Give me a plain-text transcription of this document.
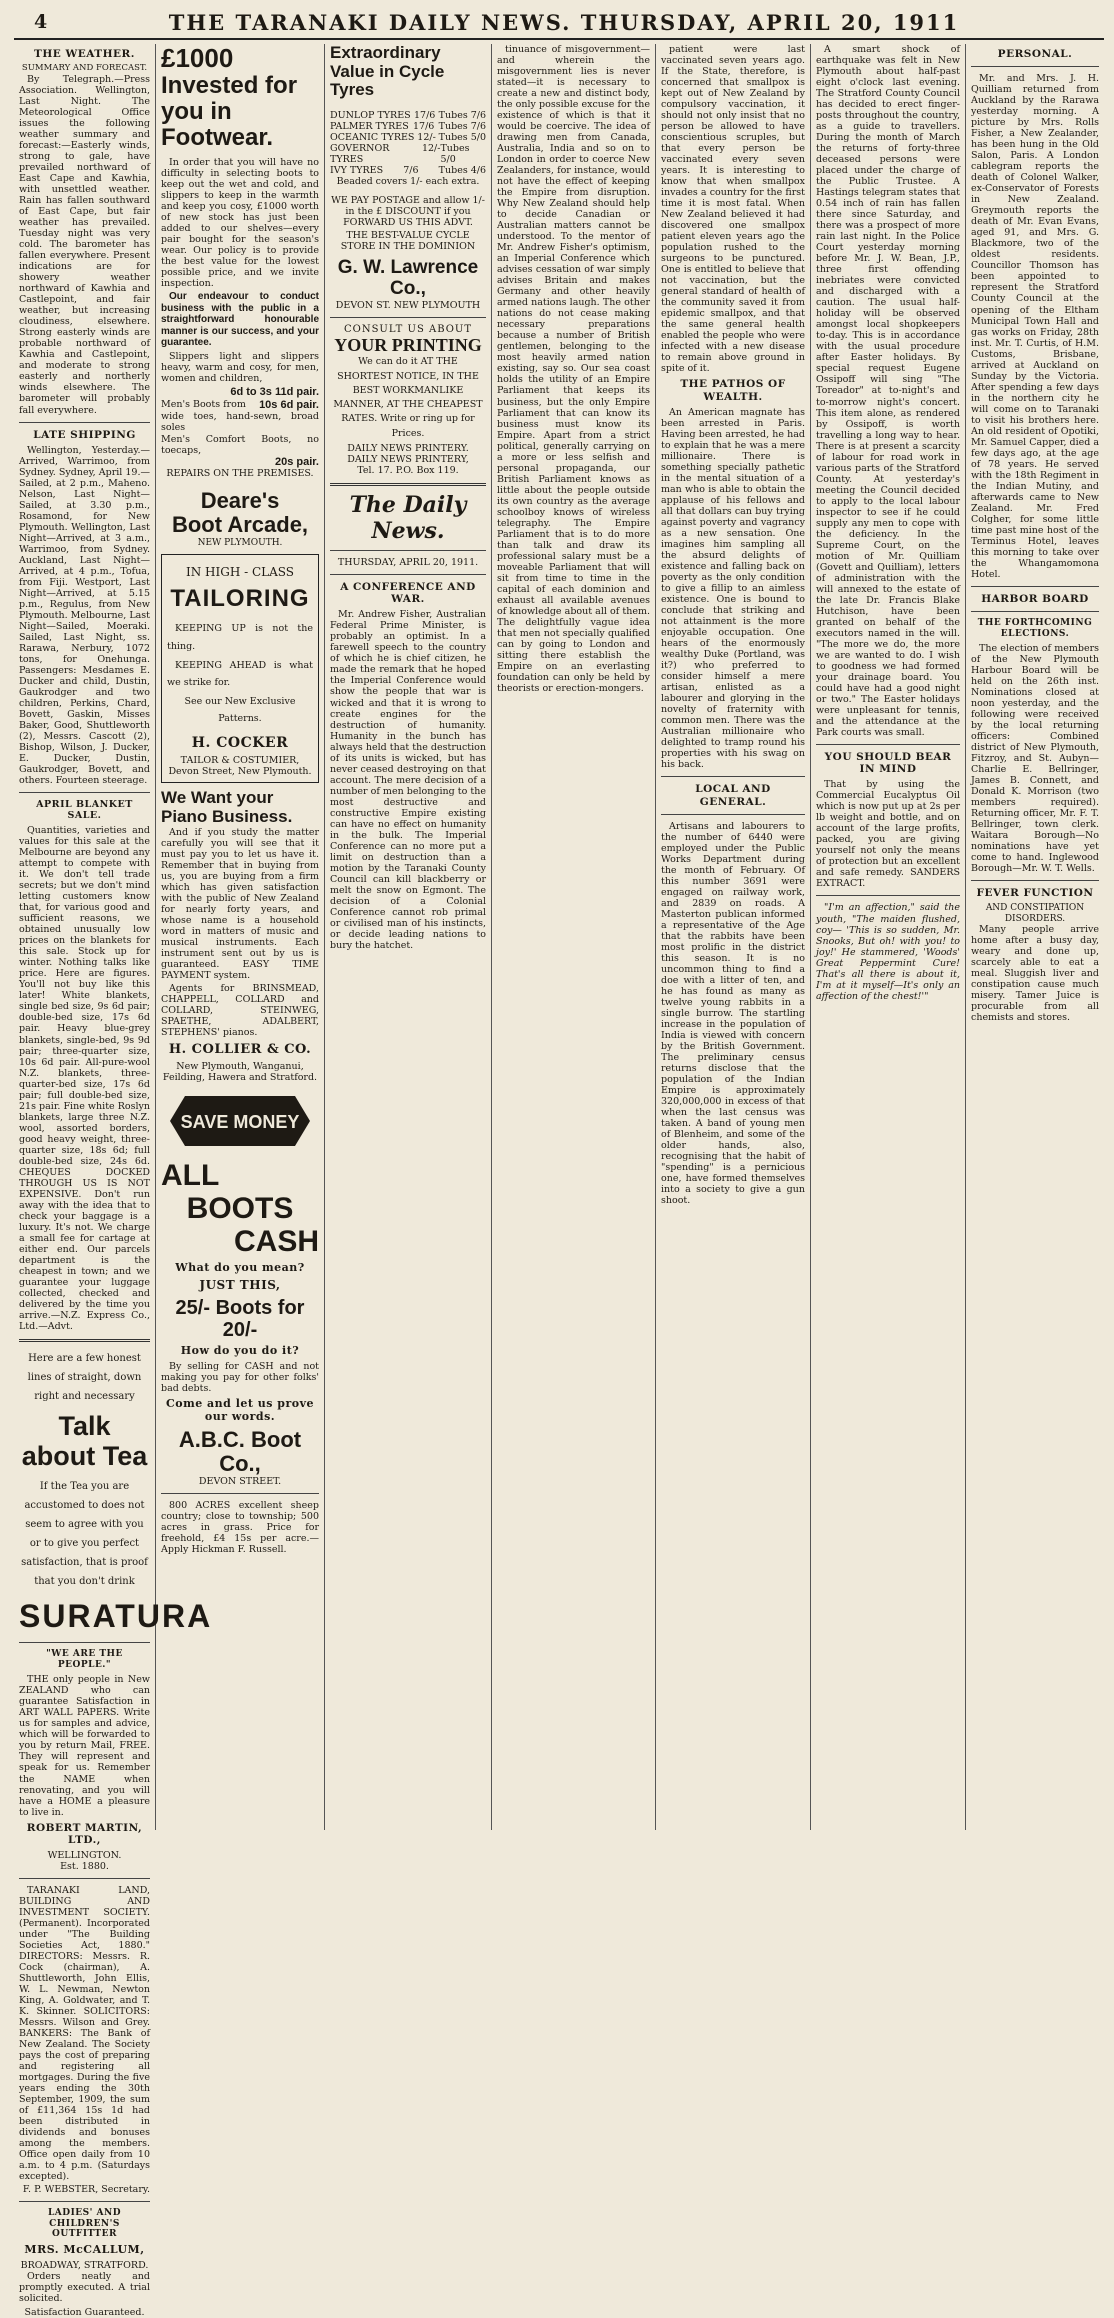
4	THE TARANAKI DAILY NEWS. THURSDAY, APRIL 20, 1911
THE WEATHER.
SUMMARY AND FORECAST.

By Telegraph.—Press Association. Wellington, Last Night. The Meteorological Office issues the following weather summary and forecast:—Easterly winds, strong to gale, have prevailed northward of East Cape and Kawhia, with unsettled weather. Rain has fallen southward of East Cape, but fair weather has prevailed. Tuesday night was very cold. The barometer has fallen everywhere. Present indications are for showery weather northward of Kawhia and Castlepoint, and fair weather, but increasing cloudiness, elsewhere. Strong easterly winds are probable northward of Kawhia and Castlepoint, and moderate to strong easterly and northerly winds elsewhere. The barometer will probably fall everywhere.

LATE SHIPPING

Wellington, Yesterday.—Arrived, Warrimoo, from Sydney. Sydney, April 19.—Sailed, at 2 p.m., Maheno. Nelson, Last Night—Sailed, at 3.30 p.m., Rosamond, for New Plymouth. Wellington, Last Night—Arrived, at 3 a.m., Warrimoo, from Sydney. Auckland, Last Night—Arrived, at 4 p.m., Tofua, from Fiji. Westport, Last Night—Arrived, at 5.15 p.m., Regulus, from New Plymouth. Melbourne, Last Night—Sailed, Moeraki. Sailed, Last Night, ss. Rarawa, Nerbury, 1072 tons, for Onehunga. Passengers: Mesdames E. Ducker and child, Dustin, Gaukrodger and two children, Perkins, Chard, Bovett, Gaskin, Misses Baker, Good, Shuttleworth (2), Messrs. Cascott (2), Bishop, Wilson, J. Ducker, E. Ducker, Dustin, Gaukrodger, Bovett, and others. Fourteen steerage.

APRIL BLANKET SALE.

Quantities, varieties and values for this sale at the Melbourne are beyond any attempt to compete with it. We don't tell trade secrets; but we don't mind letting customers know that, for various good and sufficient reasons, we obtained unusually low prices on the blankets for this sale. Stock up for winter. Nothing talks like price. Here are figures. You'll not buy like this later! White blankets, single bed size, 9s 6d pair; double-bed size, 17s 6d pair. Heavy blue-grey blankets, single-bed, 9s 9d pair; three-quarter size, 10s 6d pair. All-pure-wool N.Z. blankets, three-quarter-bed size, 17s 6d pair; full double-bed size, 21s pair. Fine white Roslyn blankets, large three N.Z. wool, assorted borders, good heavy weight, three-quarter size, 18s 6d; full double-bed size, 24s 6d. CHEQUES DOCKED THROUGH US IS NOT EXPENSIVE. Don't run away with the idea that to check your baggage is a luxury. It's not. We charge a small fee for cartage at either end. Our parcels department is the cheapest in town; and we guarantee your luggage collected, checked and delivered by the time you arrive.—N.Z. Express Co., Ltd.—Advt.

Here are a few honest lines of straight, down right and necessary

Talk about Tea

If the Tea you are accustomed to does not seem to agree with you or to give you perfect satisfaction, that is proof that you don't drink

SURATURA
"WE ARE THE PEOPLE."

THE only people in New ZEALAND who can guarantee Satisfaction in ART WALL PAPERS. Write us for samples and advice, which will be forwarded to you by return Mail, FREE. They will represent and speak for us. Remember the NAME when renovating, and you will have a HOME a pleasure to live in.

ROBERT MARTIN, LTD.,
WELLINGTON.
Est. 1880.

TARANAKI LAND, BUILDING AND INVESTMENT SOCIETY. (Permanent). Incorporated under "The Building Societies Act, 1880." DIRECTORS: Messrs. R. Cock (chairman), A. Shuttleworth, John Ellis, W. L. Newman, Newton King, A. Goldwater, and T. K. Skinner. SOLICITORS: Messrs. Wilson and Grey. BANKERS: The Bank of New Zealand. The Society pays the cost of preparing and registering all mortgages. During the five years ending the 30th September, 1909, the sum of £11,364 15s 1d had been distributed in dividends and bonuses among the members. Office open daily from 10 a.m. to 4 p.m. (Saturdays excepted).

F. P. WEBSTER, Secretary.
LADIES' AND CHILDREN'S OUTFITTER
MRS. McCALLUM,
BROADWAY, STRATFORD.

Orders neatly and promptly executed. A trial solicited.

Satisfaction Guaranteed.
£1000
Invested for you in Footwear.

In order that you will have no difficulty in selecting boots to keep out the wet and cold, and slippers to keep in the warmth and keep you cosy, £1000 worth of new stock has just been added to our shelves—every pair bought for the season's wear. Our policy is to provide the best value for the lowest possible price, and we invite inspection.

Our endeavour to conduct business with the public in a straightforward honourable manner is our success, and your guarantee.

Slippers light and slippers heavy, warm and cosy, for men, women and children,

6d to 3s 11d pair.
Men's Boots from 10s 6d pair.
wide toes, hand-sewn, broad soles
Men's Comfort Boots, no toecaps,
20s pair.
REPAIRS ON THE PREMISES.
Deare's
Boot Arcade,
NEW PLYMOUTH.
IN HIGH - CLASS
TAILORING

KEEPING UP is not the thing.

KEEPING AHEAD is what we strike for.

See our New Exclusive Patterns.

H. COCKER
TAILOR & COSTUMIER,
Devon Street, New Plymouth.
We Want your Piano Business.

And if you study the matter carefully you will see that it must pay you to let us have it. Remember that in buying from us, you are buying from a firm which has given satisfaction with the public of New Zealand for nearly forty years, and whose name is a household word in matters of music and musical instruments. Each instrument sent out by us is guaranteed. EASY TIME PAYMENT system.

Agents for BRINSMEAD, CHAPPELL, COLLARD and COLLARD, STEINWEG, SPAETHE, ADALBERT, STEPHENS' pianos.

H. COLLIER & CO.
New Plymouth, Wanganui, Feilding, Hawera and Stratford.
SAVE MONEY
ALL
BOOTS
CASH
What do you mean?
JUST THIS,
25/- Boots for 20/-
How do you do it?

By selling for CASH and not making you pay for other folks' bad debts.

Come and let us prove our words.
A.B.C. Boot Co.,
DEVON STREET.

800 ACRES excellent sheep country; close to township; 500 acres in grass. Price for freehold, £4 15s per acre.—Apply Hickman F. Russell.

Extraordinary Value in Cycle Tyres
DUNLOP TYRES 17/6 Tubes 7/6
PALMER TYRES 17/6 Tubes 7/6
OCEANIC TYRES 12/- Tubes 5/0
GOVERNOR TYRES
12/- Tubes 5/0
IVY TYRES 7/6 Tubes 4/6
Beaded covers 1/- each extra.

WE PAY POSTAGE and allow 1/- in the £ DISCOUNT if you FORWARD US THIS ADVT.

THE BEST-VALUE CYCLE STORE IN THE DOMINION

G. W. Lawrence Co.,
DEVON ST. NEW PLYMOUTH
CONSULT US ABOUT
YOUR PRINTING

We can do it AT THE SHORTEST NOTICE, IN THE BEST WORKMANLIKE MANNER, AT THE CHEAPEST RATES. Write or ring up for Prices.

DAILY NEWS PRINTERY.
DAILY NEWS PRINTERY,
Tel. 17. P.O. Box 119.
The Daily News.
THURSDAY, APRIL 20, 1911.
A CONFERENCE AND WAR.

Mr. Andrew Fisher, Australian Federal Prime Minister, is probably an optimist. In a farewell speech to the country of which he is chief citizen, he made the remark that he hoped the Imperial Conference would show the people that war is wicked and that it is wrong to create engines for the destruction of humanity. Humanity in the bunch has always held that the destruction of its units is wicked, but has never ceased destroying on that account. The mere decision of a number of men belonging to the most destructive and constructive Empire existing can have no effect on humanity in the bulk. The Imperial Conference can no more put a limit on destruction than a motion by the Taranaki County Council can kill blackberry or melt the snow on Egmont. The decision of a Colonial Conference cannot rob primal or civilised man of his instincts, or decide leading nations to bury the hatchet.

tinuance of misgovernment—and wherein the misgovernment lies is never stated—it is necessary to create a new and distinct body, the only possible excuse for the existence of which is that it would be coercive. The idea of drawing men from Canada, Australia, India and so on to London in order to coerce New Zealanders, for instance, would not have the effect of keeping the Empire from disruption. Why New Zealand should help to decide Canadian or Australian matters cannot be understood. To the mentor of Mr. Andrew Fisher's optimism, an Imperial Conference which advises cessation of war simply advises Britain and makes Germany and other heavily armed nations laugh. The other nations do not cease making necessary preparations because a number of British gentlemen, belonging to the most heavily armed nation existing, say so. Our sea coast holds the utility of an Empire Parliament that keeps its business, but the only Empire Parliament that can know its business must know its Empire. Apart from a strict political, generally carrying on a more or less selfish and personal propaganda, our British Parliament knows as little about the people outside its own country as the average schoolboy knows of wireless telegraphy. The Empire Parliament that is to do more than talk and draw its professional salary must be a moveable Parliament that will sit from time to time in the capital of each dominion and exhaust all available avenues of knowledge about all of them. The delightfully vague idea that men not specially qualified can by going to London and sitting there establish the Empire on an everlasting foundation can only be held by theorists or erection-mongers.

patient were last vaccinated seven years ago. If the State, therefore, is concerned that smallpox is kept out of New Zealand by compulsory vaccination, it should not only insist that no person be allowed to have conscientious scruples, but that every person be vaccinated every seven years. It is interesting to know that when smallpox invades a country for the first time it is most fatal. When New Zealand believed it had discovered one smallpox patient eleven years ago the population rushed to the surgeons to be punctured. One is entitled to believe that not vaccination, but the general standard of health of the community saved it from epidemic smallpox, and that the same general health enabled the people who were infected with a new disease to remain above ground in spite of it.

THE PATHOS OF WEALTH.

An American magnate has been arrested in Paris. Having been arrested, he had to explain that he was a mere millionaire. There is something specially pathetic in the mental situation of a man who is able to obtain the applause of his fellows and all that dollars can buy trying against poverty and vagrancy as a new sensation. One imagines him sampling all the absurd delights of existence and falling back on poverty as the only condition to give a fillip to an aimless existence. One is bound to conclude that striking and not attainment is the more enjoyable occupation. One hears of the enormously wealthy Duke (Portland, was it?) who preferred to consider himself a mere artisan, enlisted as a labourer and glorying in the novelty of fraternity with common men. There was the Australian millionaire who delighted to tramp round his properties with his swag on his back.

LOCAL AND GENERAL.

Artisans and labourers to the number of 6440 were employed under the Public Works Department during the month of February. Of this number 3691 were engaged on railway work, and 2839 on roads. A Masterton publican informed a representative of the Age that the rabbits have been most prolific in the district this season. It is no uncommon thing to find a doe with a litter of ten, and he has found as many as twelve young rabbits in a single burrow. The startling increase in the population of India is viewed with concern by the British Government. The preliminary census returns disclose that the population of the Indian Empire is approximately 320,000,000 in excess of that when the last census was taken. A band of young men of Blenheim, and some of the older hands, also, recognising that the habit of "spending" is a pernicious one, have formed themselves into a society to give a gun shoot.

A smart shock of earthquake was felt in New Plymouth about half-past eight o'clock last evening. The Stratford County Council has decided to erect finger-posts throughout the country, as a guide to travellers. During the month of March the returns of forty-three deceased persons were placed under the charge of the Public Trustee. A Hastings telegram states that 0.54 inch of rain has fallen there since Saturday, and there was a prospect of more rain last night. In the Police Court yesterday morning before Mr. J. W. Bean, J.P., three first offending inebriates were convicted and discharged with a caution. The usual half-holiday will be observed amongst local shopkeepers to-day. This is in accordance with the usual procedure after Easter holidays. By special request Eugene Ossipoff will sing "The Toreador" at to-night's and to-morrow night's concert. This item alone, as rendered by Ossipoff, is worth travelling a long way to hear. There is at present a scarcity of labour for road work in various parts of the Stratford County. At yesterday's meeting the Council decided to apply to the local labour inspector to see if he could supply any men to cope with the deficiency. In the Supreme Court, on the motion of Mr. Quilliam (Govett and Quilliam), letters of administration with the will annexed to the estate of the late Dr. Francis Blake Hutchison, have been granted on behalf of the executors named in the will. "The more we do, the more we are wanted to do. I wish to goodness we had formed your drainage board. You could have had a good night or two." The Easter holidays were unpleasant for tennis, and the attendance at the Park courts was small.

YOU SHOULD BEAR IN MIND

That by using the Commercial Eucalyptus Oil which is now put up at 2s per lb weight and bottle, and on account of the large profits, packed, you are giving yourself not only the means of protection but an excellent and safe remedy. SANDERS EXTRACT.

"I'm an affection," said the youth, "The maiden flushed, coy— 'This is so sudden, Mr. Snooks, But oh! with you! to joy!' He stammered, 'Woods' Great Peppermint Cure! That's all there is about it, I'm at it myself—It's only an affection of the chest!'"

PERSONAL.

Mr. and Mrs. J. H. Quilliam returned from Auckland by the Rarawa yesterday morning. A picture by Mrs. Rolls Fisher, a New Zealander, has been hung in the Old Salon, Paris. A London cablegram reports the death of Colonel Walker, ex-Conservator of Forests in New Zealand. Greymouth reports the death of Mr. Evan Evans, aged 91, and Mrs. G. Blackmore, two of the oldest residents. Councillor Thomson has been appointed to represent the Stratford County Council at the opening of the Eltham Municipal Town Hall and gas works on Friday, 28th inst. Mr. T. Curtis, of H.M. Customs, Brisbane, arrived at Auckland on Sunday by the Victoria. After spending a few days in the northern city he will come on to Taranaki to visit his brothers here. An old resident of Opotiki, Mr. Samuel Capper, died a few days ago, at the age of 78 years. He served with the 18th Regiment in the Indian Mutiny, and afterwards came to New Zealand. Mr. Fred Colgher, for some little time past mine host of the Terminus Hotel, leaves this morning to take over the Whangamomona Hotel.

HARBOR BOARD
THE FORTHCOMING ELECTIONS.

The election of members of the New Plymouth Harbour Board will be held on the 26th inst. Nominations closed at noon yesterday, and the following were received by the local returning officers: Combined district of New Plymouth, Fitzroy, and St. Aubyn—Charlie E. Bellringer, James B. Connett, and Donald K. Morrison (two members required). Returning officer, Mr. F. T. Bellringer, town clerk. Waitara Borough—No nominations have yet come to hand. Inglewood Borough—Mr. W. T. Wells.

FEVER FUNCTION
AND CONSTIPATION DISORDERS.

Many people arrive home after a busy day, weary and done up, scarcely able to eat a meal. Sluggish liver and constipation cause much misery. Tamer Juice is procurable from all chemists and stores.
